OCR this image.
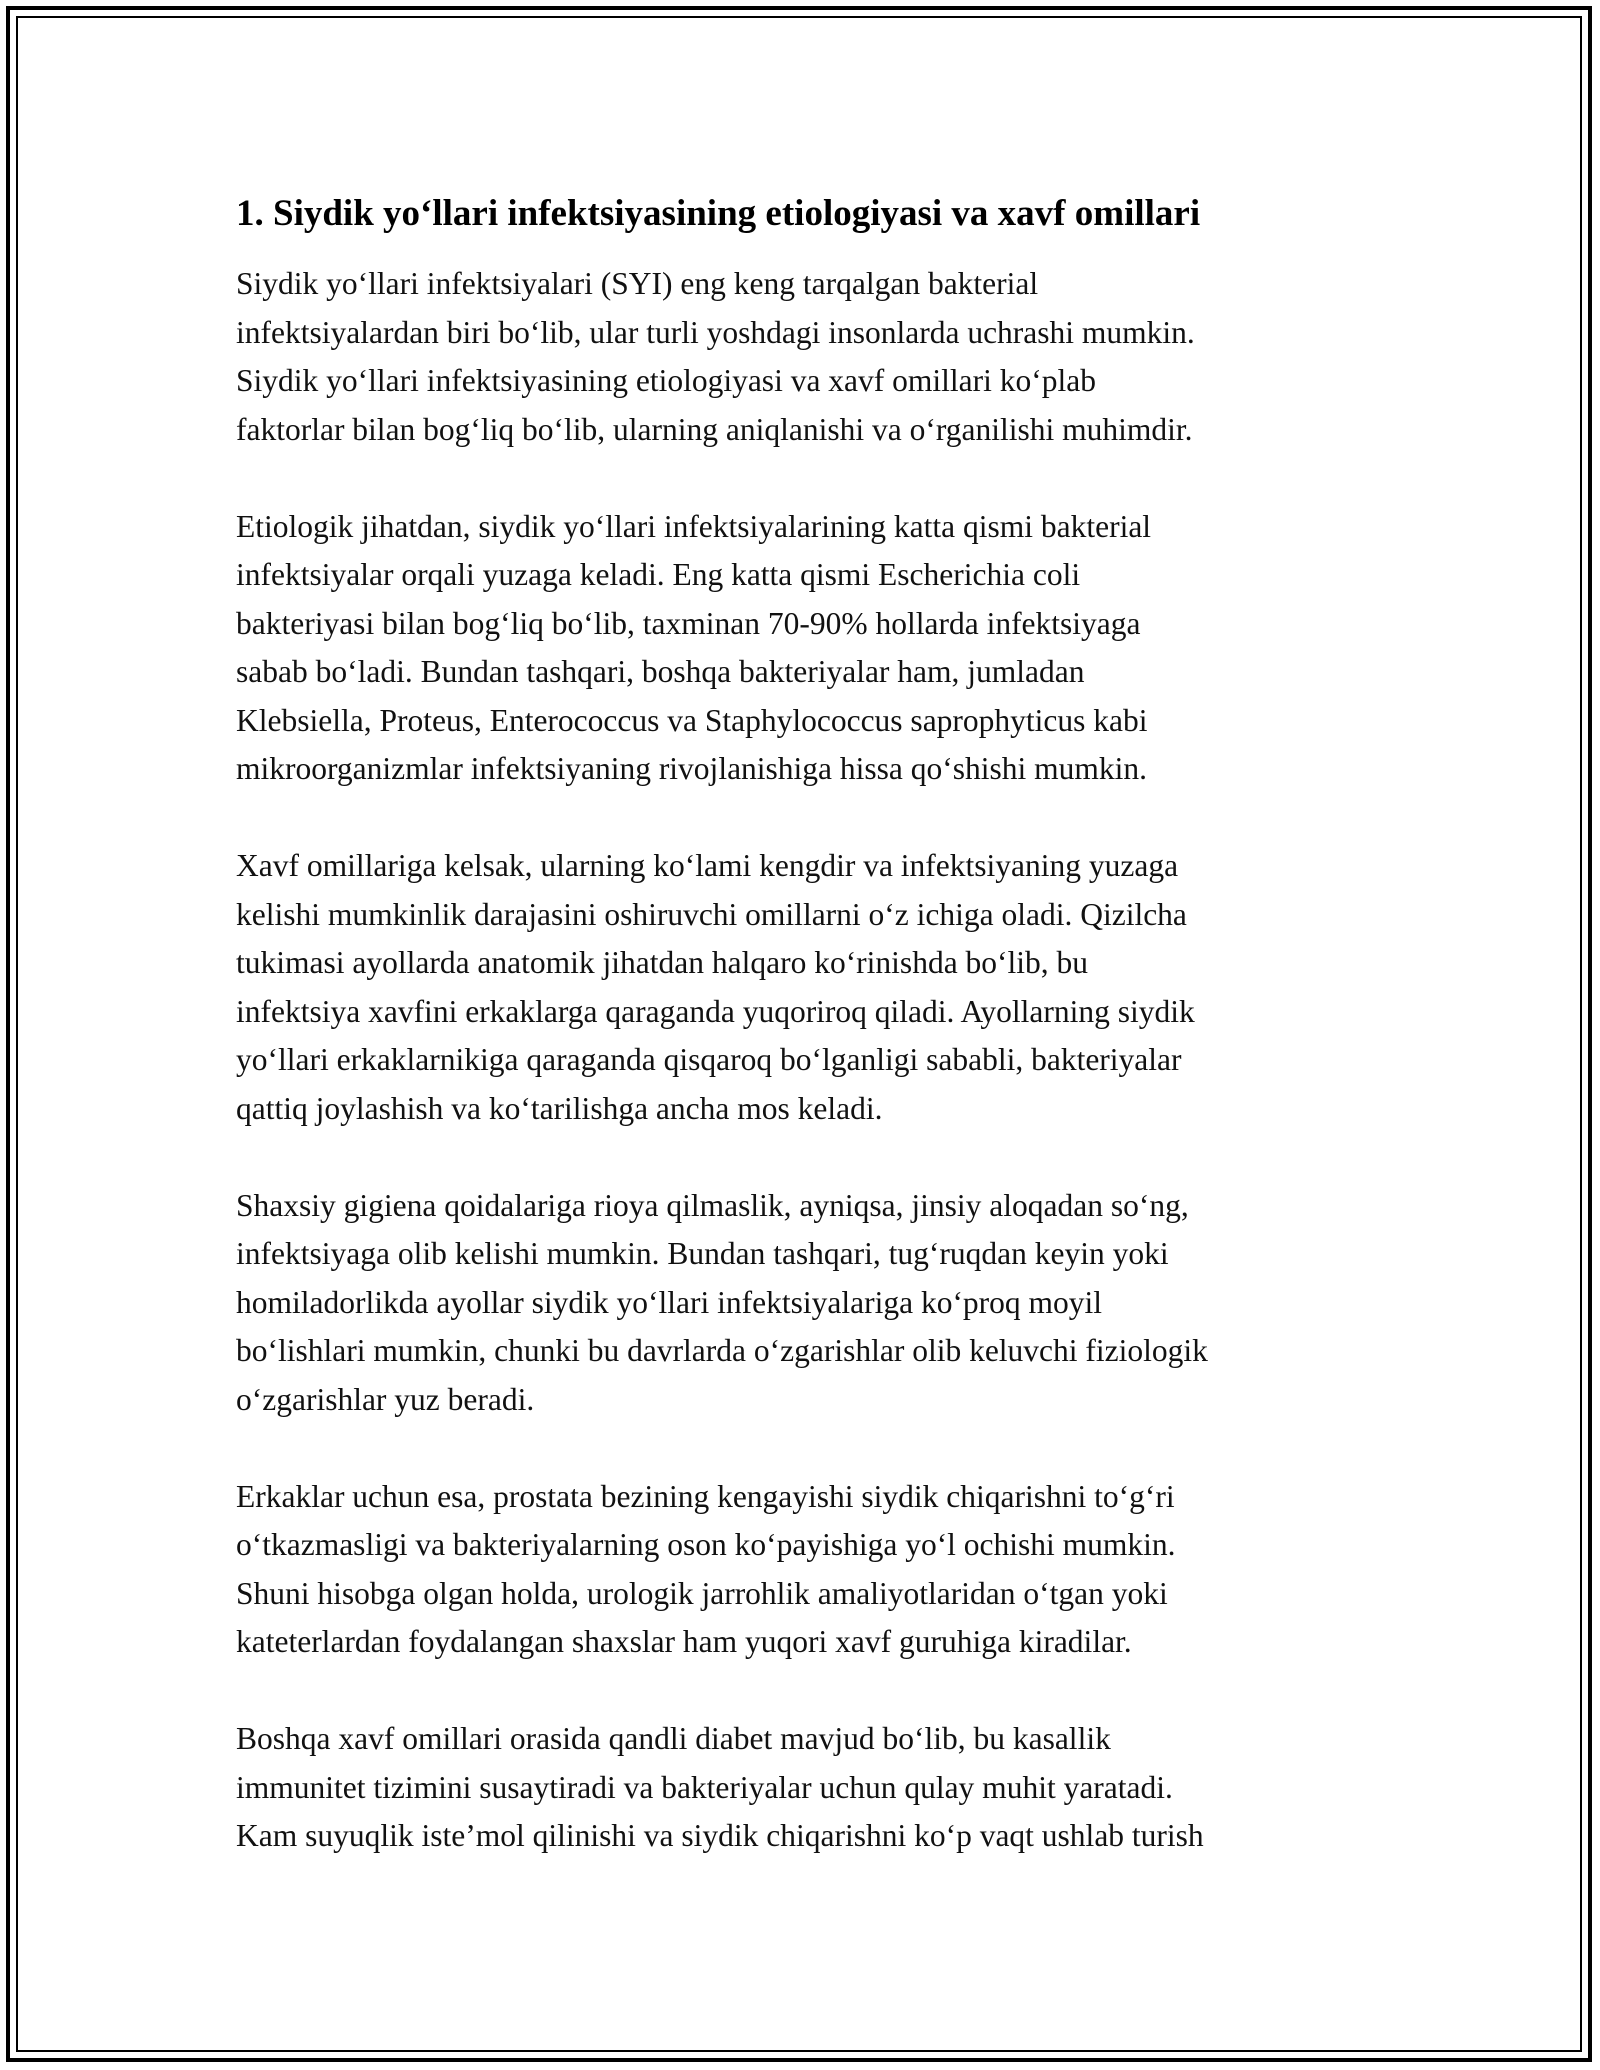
1. Siydik yo‘llari infektsiyasining etiologiyasi va xavf omillari
Siydik yo‘llari infektsiyalari (SYI) eng keng tarqalgan bakterial
infektsiyalardan biri bo‘lib, ular turli yoshdagi insonlarda uchrashi mumkin.
Siydik yo‘llari infektsiyasining etiologiyasi va xavf omillari ko‘plab
faktorlar bilan bog‘liq bo‘lib, ularning aniqlanishi va o‘rganilishi muhimdir.
Etiologik jihatdan, siydik yo‘llari infektsiyalarining katta qismi bakterial
infektsiyalar orqali yuzaga keladi. Eng katta qismi Escherichia coli
bakteriyasi bilan bog‘liq bo‘lib, taxminan 70-90% hollarda infektsiyaga
sabab bo‘ladi. Bundan tashqari, boshqa bakteriyalar ham, jumladan
Klebsiella, Proteus, Enterococcus va Staphylococcus saprophyticus kabi
mikroorganizmlar infektsiyaning rivojlanishiga hissa qo‘shishi mumkin.
Xavf omillariga kelsak, ularning ko‘lami kengdir va infektsiyaning yuzaga
kelishi mumkinlik darajasini oshiruvchi omillarni o‘z ichiga oladi. Qizilcha
tukimasi ayollarda anatomik jihatdan halqaro ko‘rinishda bo‘lib, bu
infektsiya xavfini erkaklarga qaraganda yuqoriroq qiladi. Ayollarning siydik
yo‘llari erkaklarnikiga qaraganda qisqaroq bo‘lganligi sababli, bakteriyalar
qattiq joylashish va ko‘tarilishga ancha mos keladi.
Shaxsiy gigiena qoidalariga rioya qilmaslik, ayniqsa, jinsiy aloqadan so‘ng,
infektsiyaga olib kelishi mumkin. Bundan tashqari, tug‘ruqdan keyin yoki
homiladorlikda ayollar siydik yo‘llari infektsiyalariga ko‘proq moyil
bo‘lishlari mumkin, chunki bu davrlarda o‘zgarishlar olib keluvchi fiziologik
o‘zgarishlar yuz beradi.
Erkaklar uchun esa, prostata bezining kengayishi siydik chiqarishni to‘g‘ri
o‘tkazmasligi va bakteriyalarning oson ko‘payishiga yo‘l ochishi mumkin.
Shuni hisobga olgan holda, urologik jarrohlik amaliyotlaridan o‘tgan yoki
kateterlardan foydalangan shaxslar ham yuqori xavf guruhiga kiradilar.
Boshqa xavf omillari orasida qandli diabet mavjud bo‘lib, bu kasallik
immunitet tizimini susaytiradi va bakteriyalar uchun qulay muhit yaratadi.
Kam suyuqlik iste’mol qilinishi va siydik chiqarishni ko‘p vaqt ushlab turish
